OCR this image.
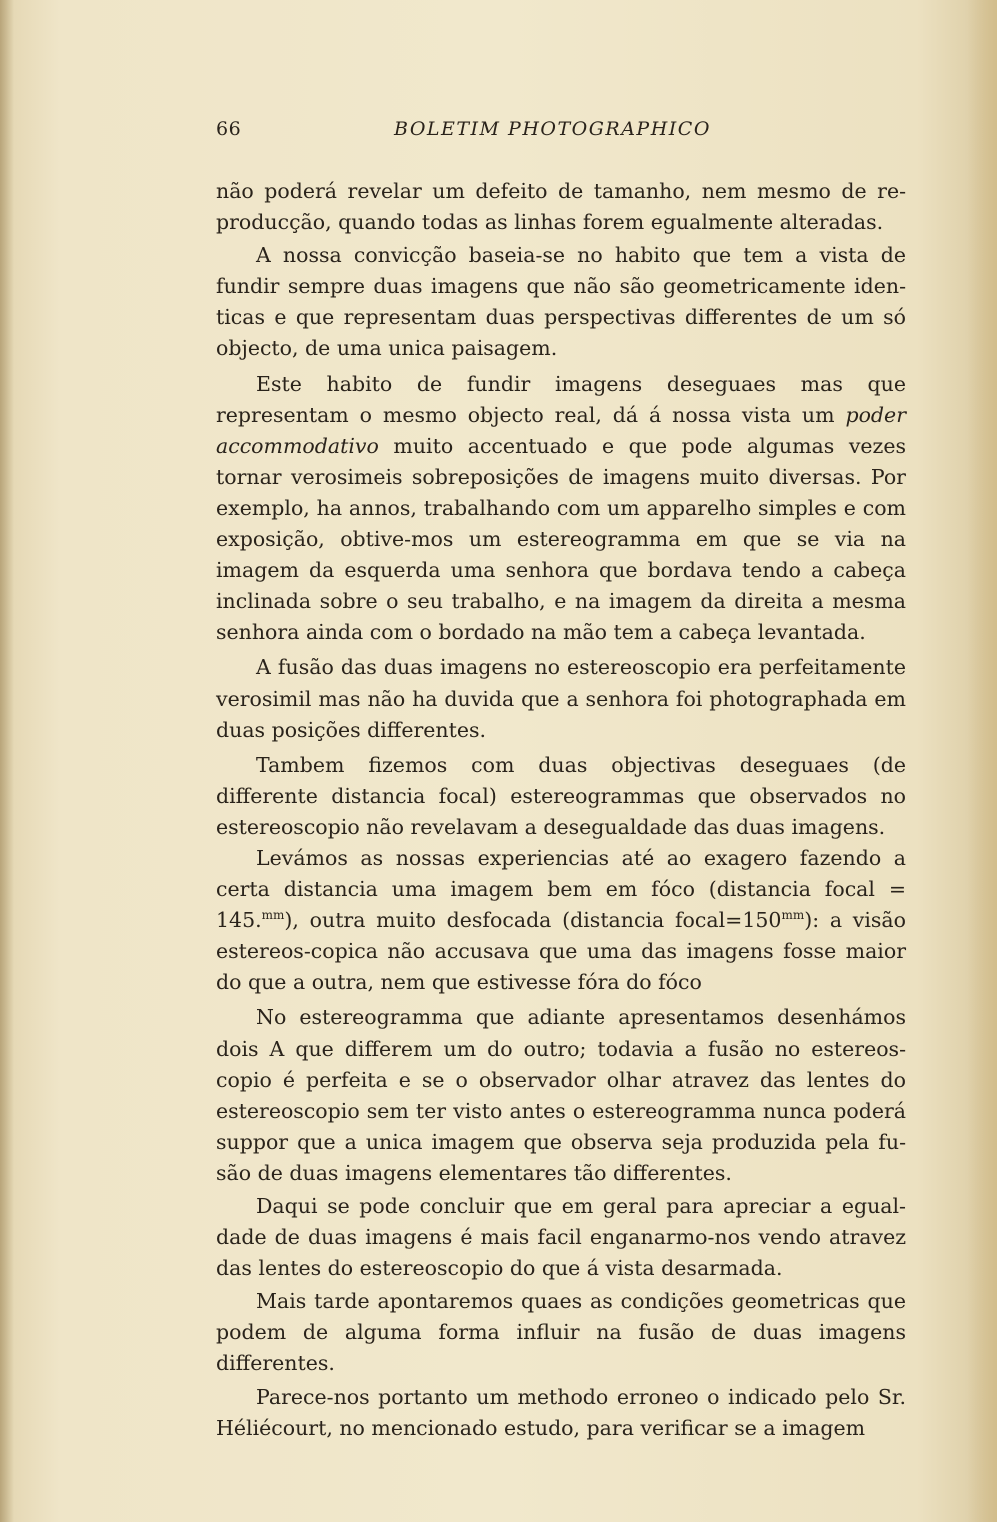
66	BOLETIM PHOTOGRAPHICO

não poderá revelar um defeito de tamanho, nem mesmo de re-producção, quando todas as linhas forem egualmente alteradas.

A nossa convicção baseia-se no habito que tem a vista de fundir sempre duas imagens que não são geometricamente iden-ticas e que representam duas perspectivas differentes de um só objecto, de uma unica paisagem.

Este habito de fundir imagens deseguaes mas que representam o mesmo objecto real, dá á nossa vista um poder accommodativo muito accentuado e que pode algumas vezes tornar verosimeis sobreposições de imagens muito diversas. Por exemplo, ha annos, trabalhando com um apparelho simples e com exposição, obtive-mos um estereogramma em que se via na imagem da esquerda uma senhora que bordava tendo a cabeça inclinada sobre o seu trabalho, e na imagem da direita a mesma senhora ainda com o bordado na mão tem a cabeça levantada.

A fusão das duas imagens no estereoscopio era perfeitamente verosimil mas não ha duvida que a senhora foi photographada em duas posições differentes.

Tambem fizemos com duas objectivas deseguaes (de differente distancia focal) estereogrammas que observados no estereoscopio não revelavam a desegualdade das duas imagens.

Levámos as nossas experiencias até ao exagero fazendo a certa distancia uma imagem bem em fóco (distancia focal = 145.$^{mm}$), outra muito desfocada (distancia $focal=150^{mm}$): a visão estereos-copica não accusava que uma das imagens fosse maior do que a outra, nem que estivesse fóra do fóco

No estereogramma que adiante apresentamos desenhámos dois A que differem um do outro; todavia a fusão no estereos-copio é perfeita e se o observador olhar atravez das lentes do estereoscopio sem ter visto antes o estereogramma nunca poderá suppor que a unica imagem que observa seja produzida pela fu-são de duas imagens elementares tão differentes.

Daqui se pode concluir que em geral para apreciar a egual-dade de duas imagens é mais facil enganarmo-nos vendo atravez das lentes do estereoscopio do que á vista desarmada.

Mais tarde apontaremos quaes as condições geometricas que podem de alguma forma influir na fusão de duas imagens differentes.

Parece-nos portanto um methodo erroneo o indicado pelo Sr. Héliécourt, no mencionado estudo, para verificar se a imagem
